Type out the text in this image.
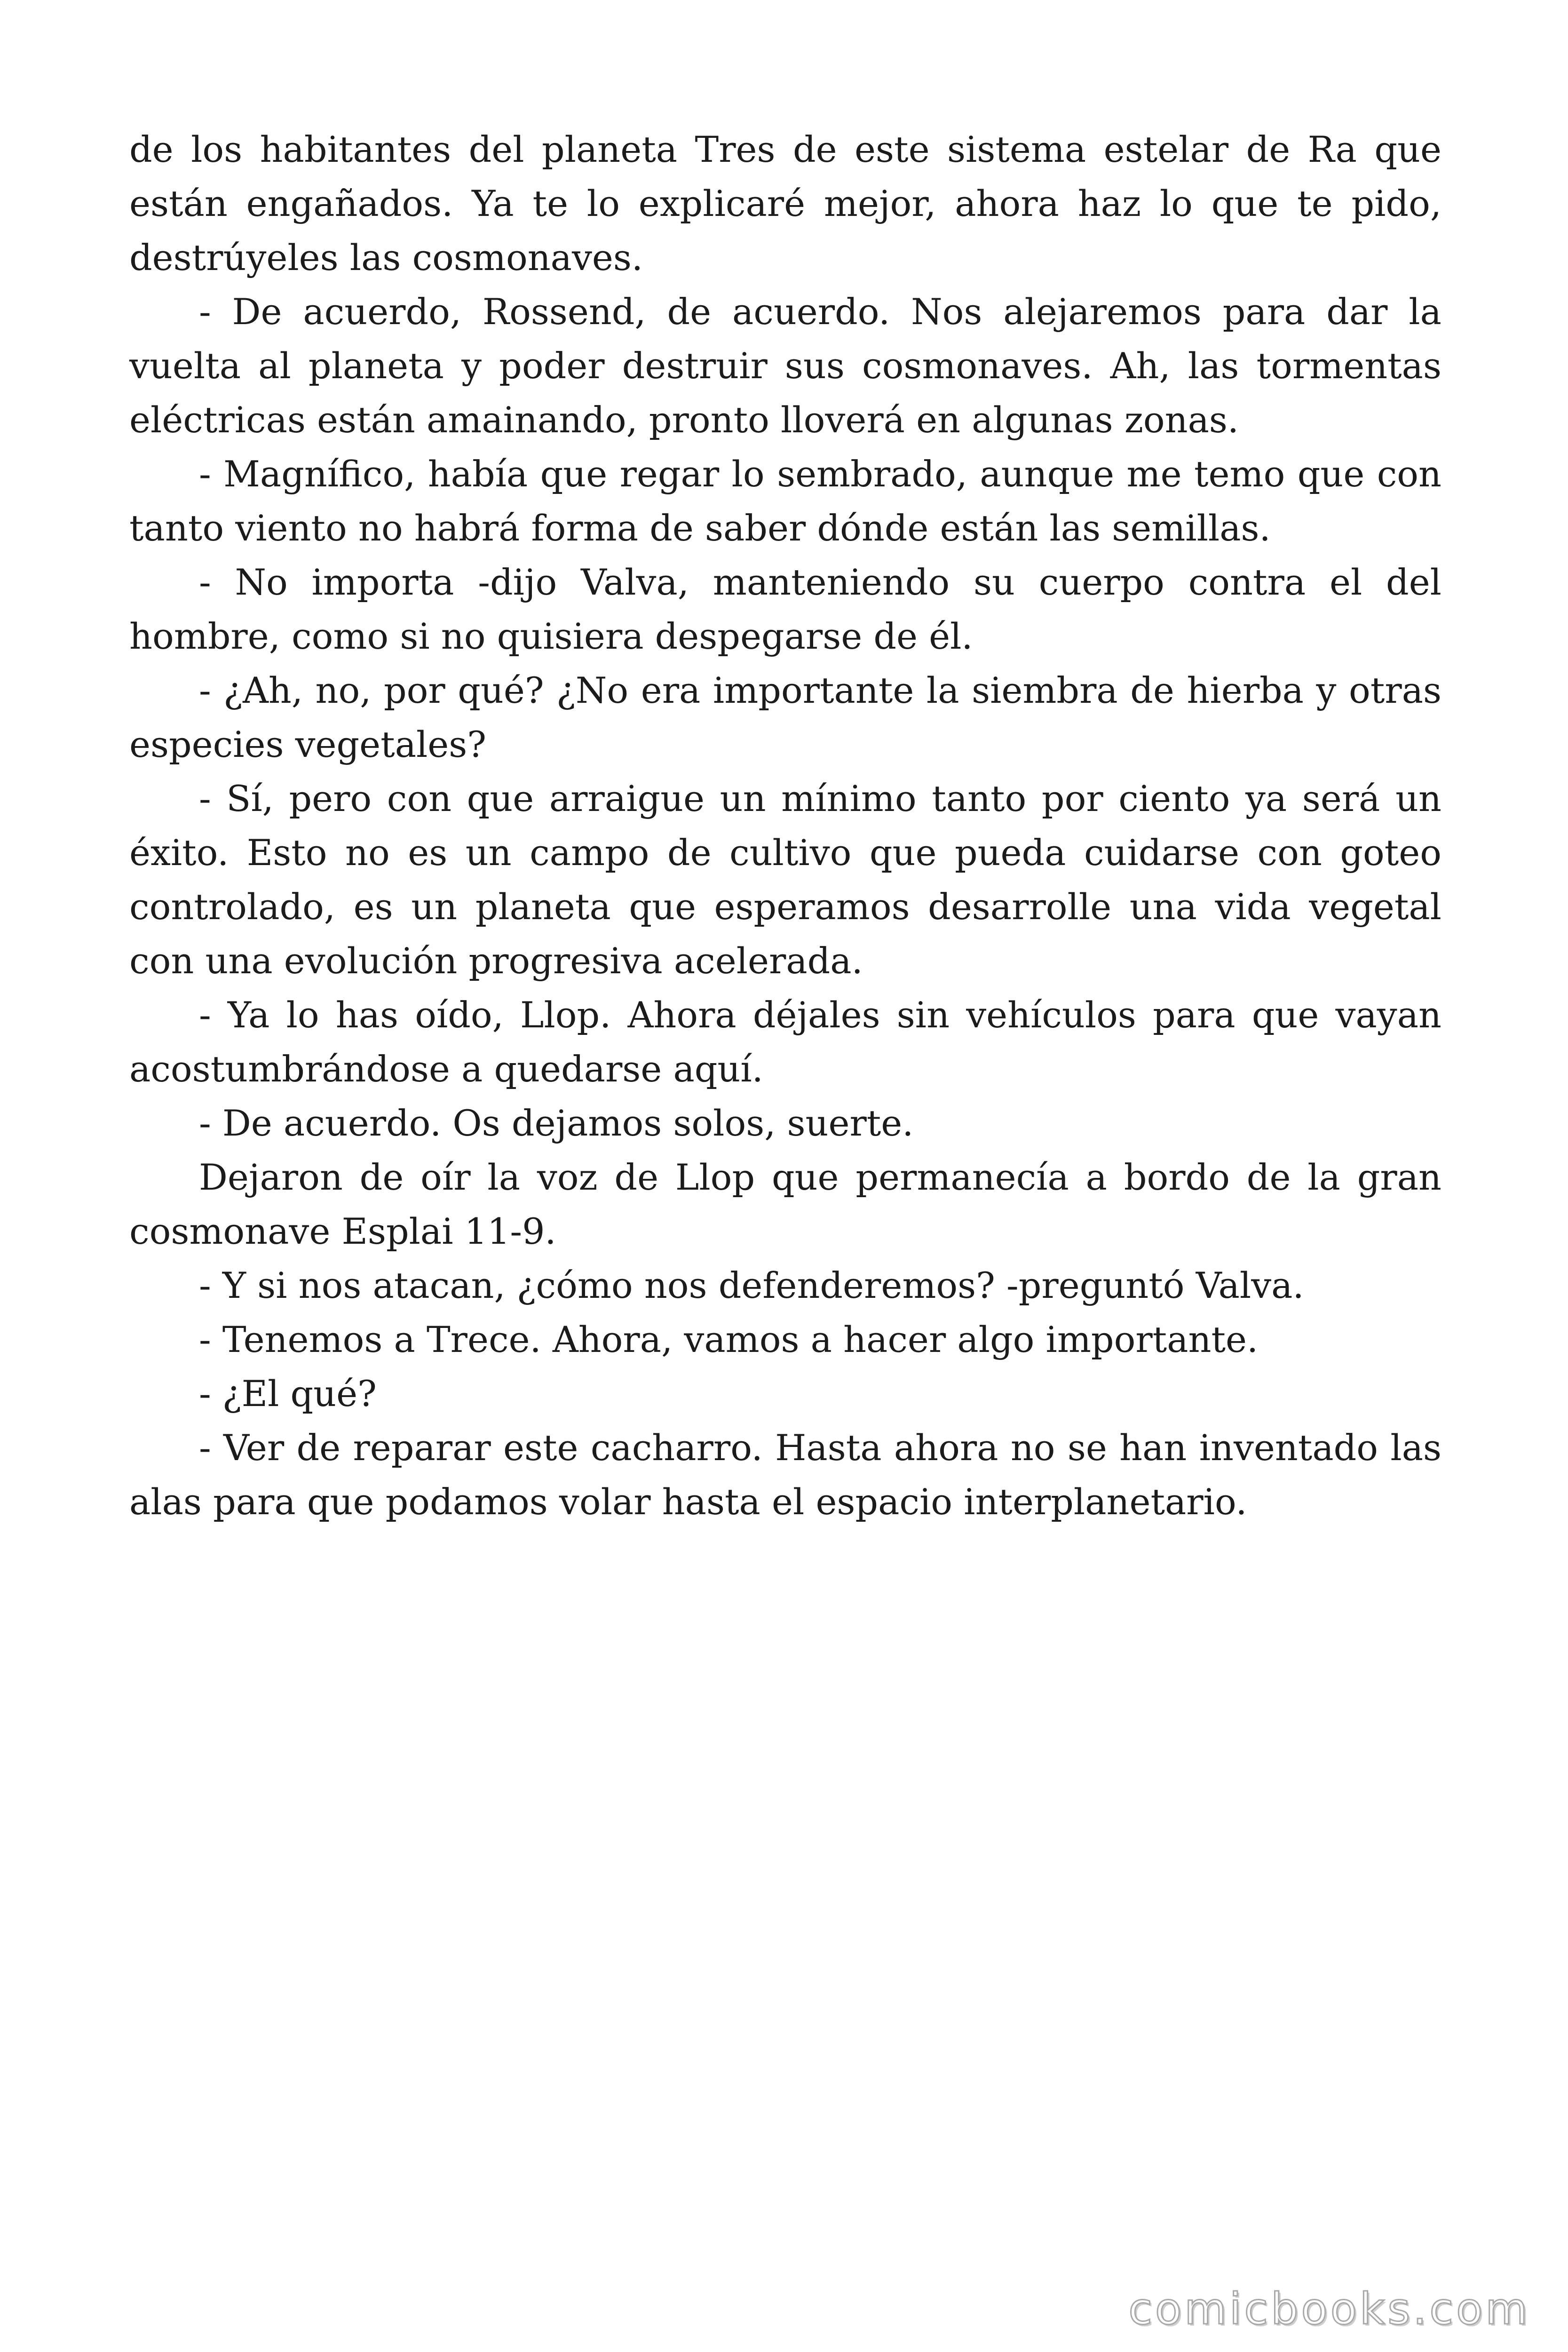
de los habitantes del planeta Tres de este sistema estelar de Ra que están engañados. Ya te lo explicaré mejor, ahora haz lo que te pido, destrúyeles las cosmonaves.

- De acuerdo, Rossend, de acuerdo. Nos alejaremos para dar la vuelta al planeta y poder destruir sus cosmonaves. Ah, las tormentas eléctricas están amainando, pronto lloverá en algunas zonas.

- Magnífico, había que regar lo sembrado, aunque me temo que con tanto viento no habrá forma de saber dónde están las semillas.

- No importa -dijo Valva, manteniendo su cuerpo contra el del hombre, como si no quisiera despegarse de él.

- ¿Ah, no, por qué? ¿No era importante la siembra de hierba y otras especies vegetales?

- Sí, pero con que arraigue un mínimo tanto por ciento ya será un éxito. Esto no es un campo de cultivo que pueda cuidarse con goteo controlado, es un planeta que esperamos desarrolle una vida vegetal con una evolución progresiva acelerada.

- Ya lo has oído, Llop. Ahora déjales sin vehículos para que vayan acostumbrándose a quedarse aquí.

- De acuerdo. Os dejamos solos, suerte.

Dejaron de oír la voz de Llop que permanecía a bordo de la gran cosmonave Esplai 11-9.

- Y si nos atacan, ¿cómo nos defenderemos? -preguntó Valva.

- Tenemos a Trece. Ahora, vamos a hacer algo importante.

- ¿El qué?

- Ver de reparar este cacharro. Hasta ahora no se han inventado las alas para que podamos volar hasta el espacio interplanetario.

comicbooks.com
